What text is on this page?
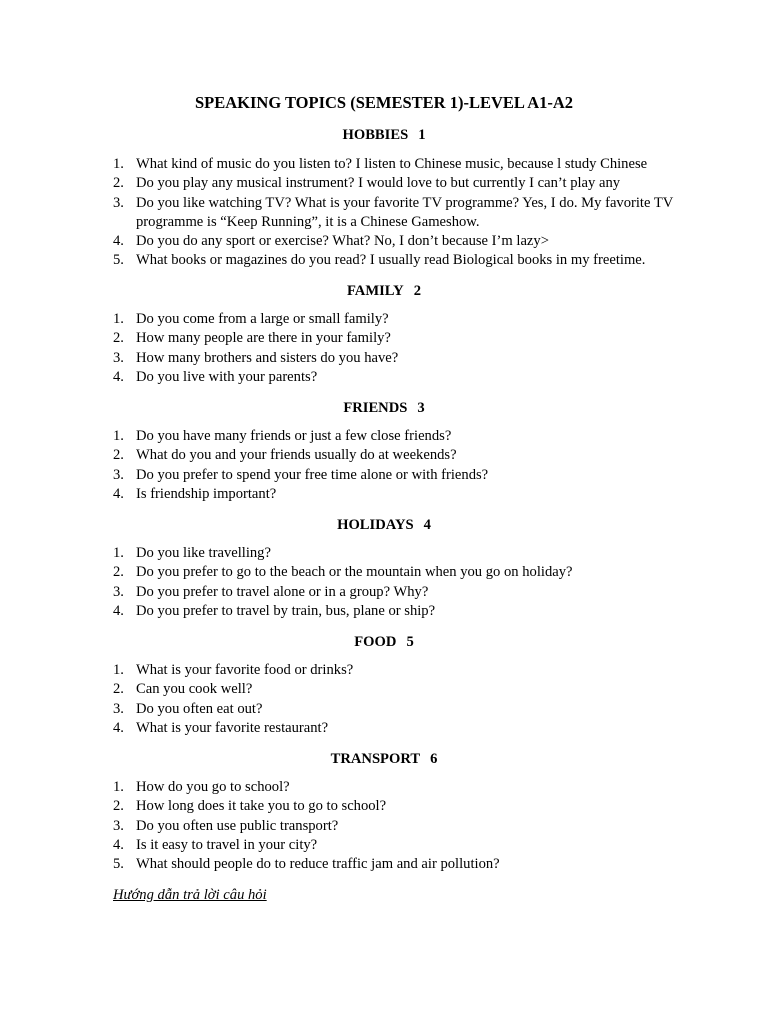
SPEAKING TOPICS (SEMESTER 1)-LEVEL A1-A2
HOBBIES 1
1. What kind of music do you listen to? I listen to Chinese music, because l study Chinese
2. Do you play any musical instrument? I would love to but currently I can’t play any
3. Do you like watching TV? What is your favorite TV programme? Yes, I do. My favorite TV programme is “Keep Running”, it is a Chinese Gameshow.
4. Do you do any sport or exercise? What? No, I don’t because I’m lazy>
5. What books or magazines do you read? I usually read Biological books in my freetime.
FAMILY 2
1. Do you come from a large or small family?
2. How many people are there in your family?
3. How many brothers and sisters do you have?
4. Do you live with your parents?
FRIENDS 3
1. Do you have many friends or just a few close friends?
2. What do you and your friends usually do at weekends?
3. Do you prefer to spend your free time alone or with friends?
4. Is friendship important?
HOLIDAYS 4
1. Do you like travelling?
2. Do you prefer to go to the beach or the mountain when you go on holiday?
3. Do you prefer to travel alone or in a group? Why?
4. Do you prefer to travel by train, bus, plane or ship?
FOOD 5
1. What is your favorite food or drinks?
2. Can you cook well?
3. Do you often eat out?
4. What is your favorite restaurant?
TRANSPORT 6
1. How do you go to school?
2. How long does it take you to go to school?
3. Do you often use public transport?
4. Is it easy to travel in your city?
5. What should people do to reduce traffic jam and air pollution?
Hướng dẫn trả lời câu hỏi
